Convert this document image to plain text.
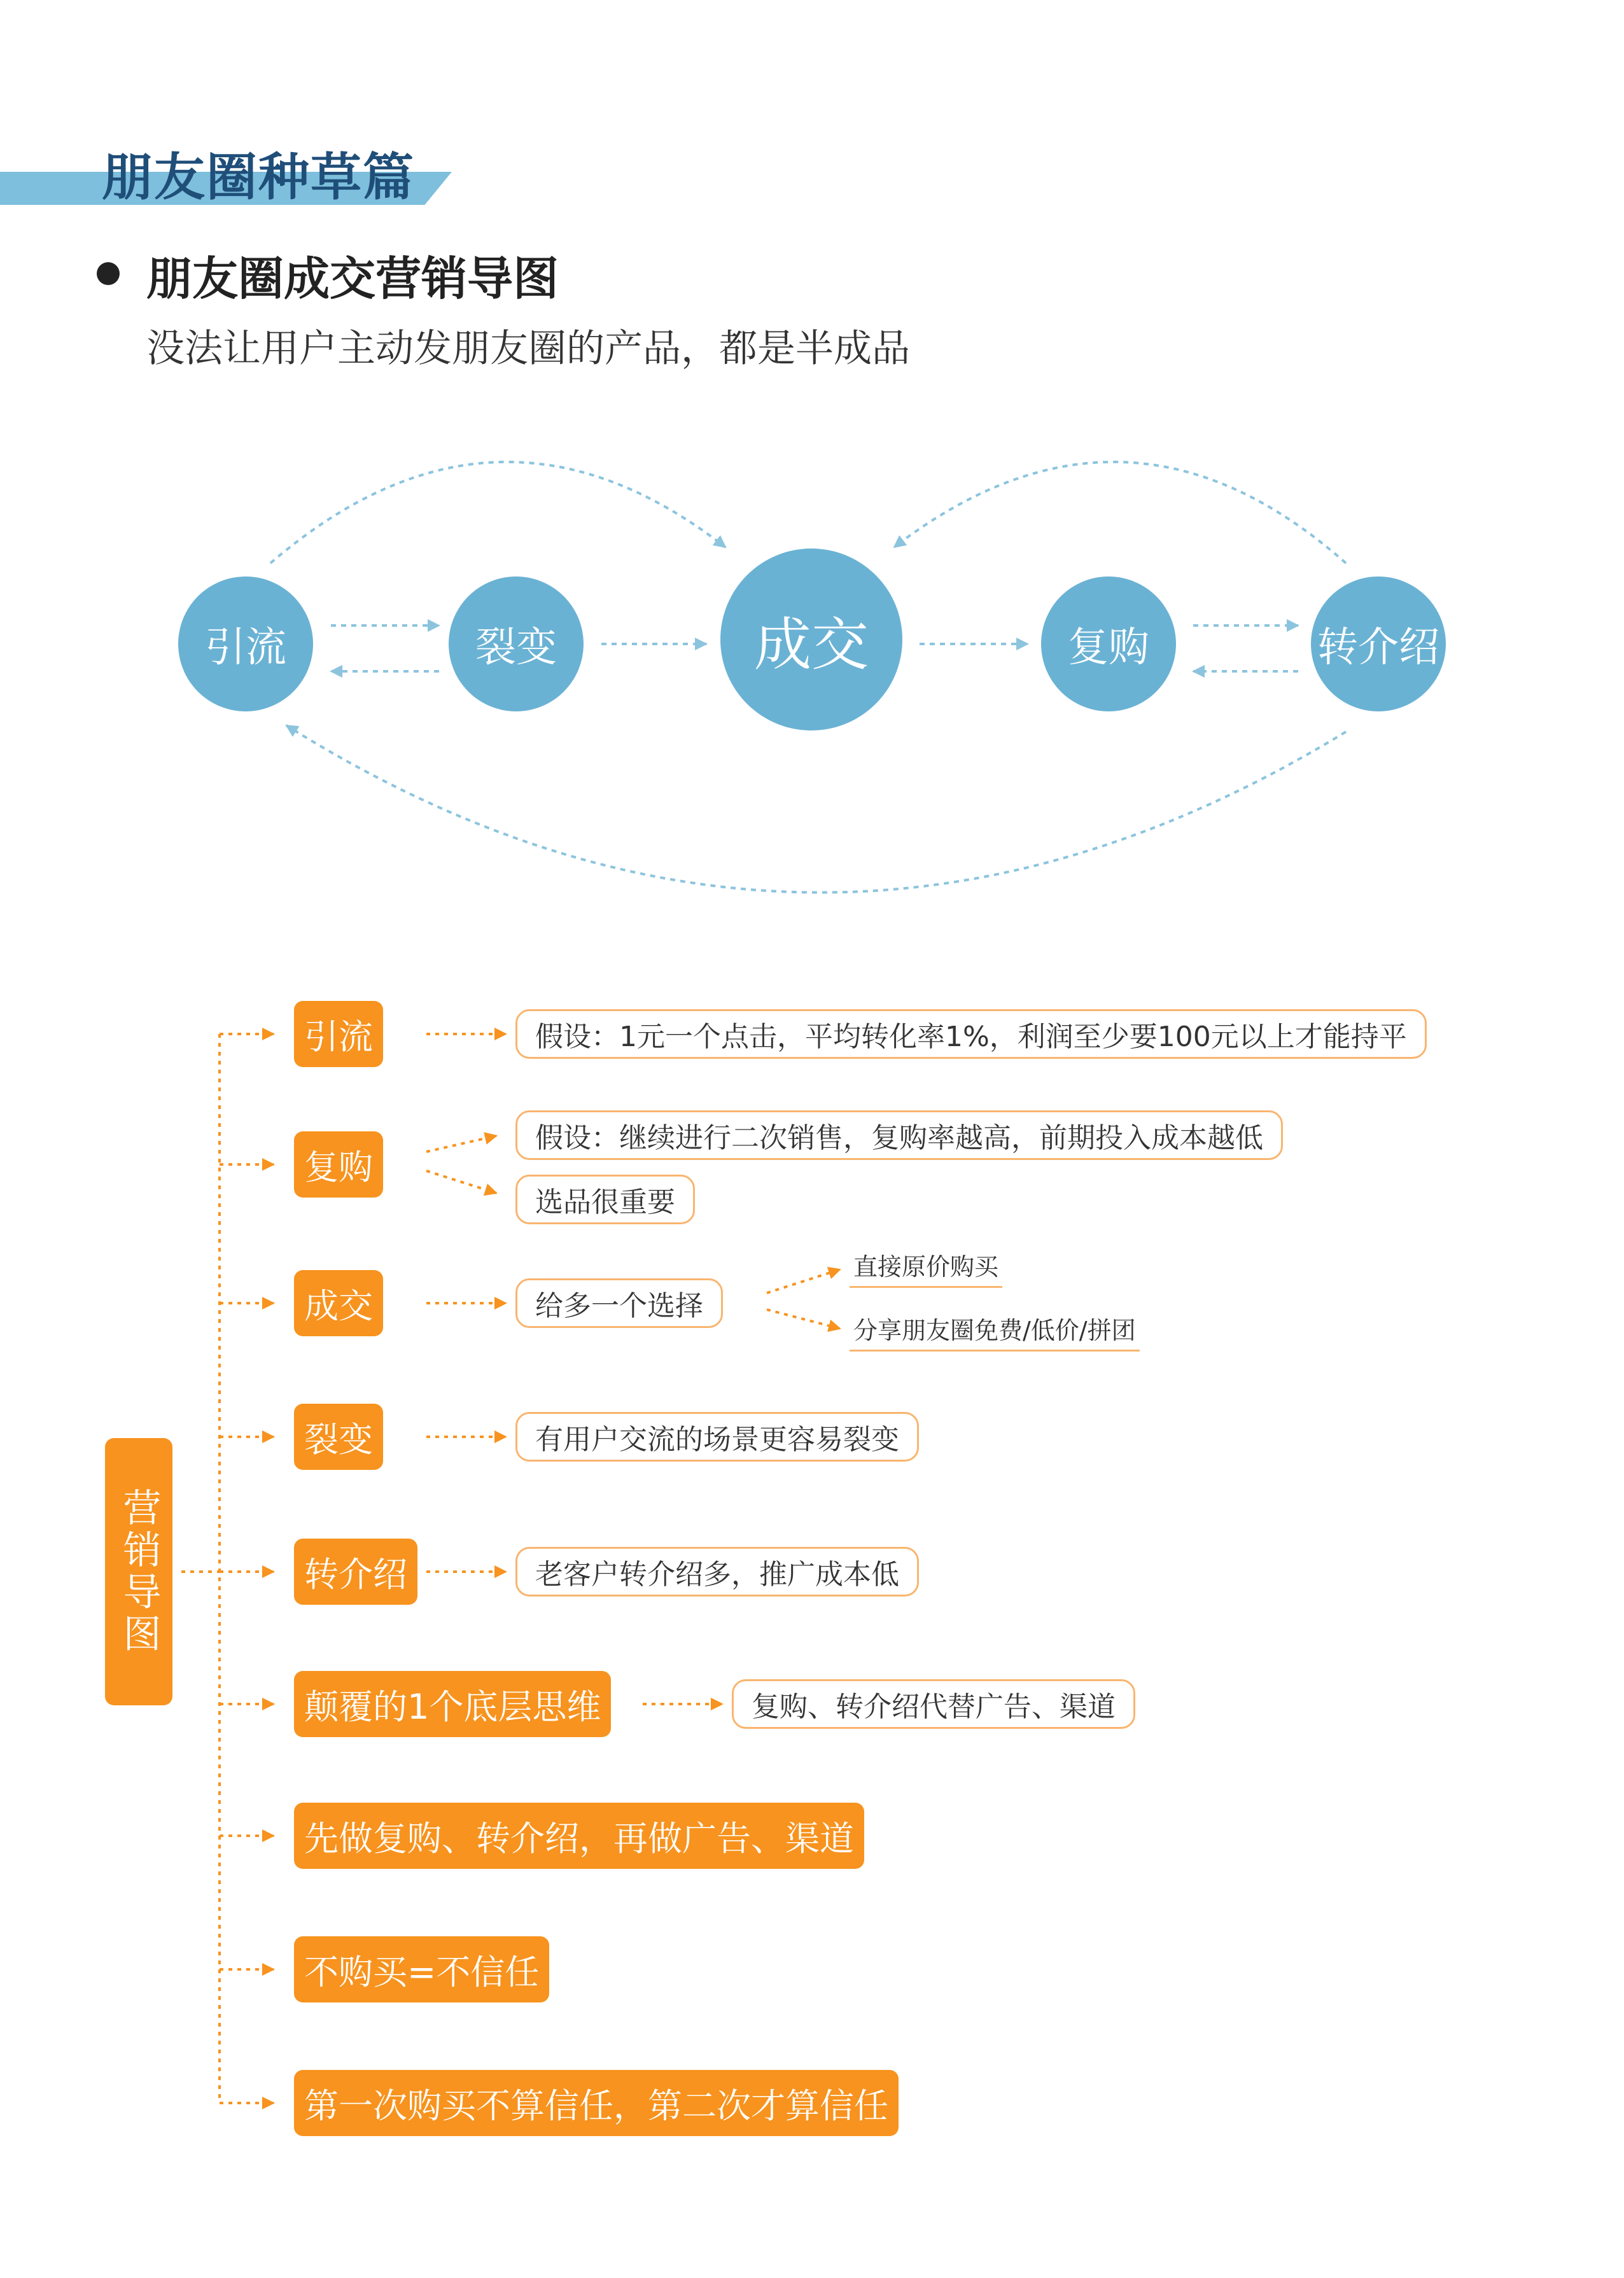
朋友圈种草篇
朋友圈成交营销导图
没法让用户主动发朋友圈的产品，都是半成品
引流	裂变	成交	复购	转介绍
营销导图
引流	假设：1元一个点击，平均转化率1%，利润至少要100元以上才能持平
复购
假设：继续进行二次销售，复购率越高，前期投入成本越低
选品很重要
成交	给多一个选择
直接原价购买
分享朋友圈免费/低价/拼团
裂变	有用户交流的场景更容易裂变
转介绍	老客户转介绍多，推广成本低
颠覆的1个底层思维	复购、转介绍代替广告、渠道
先做复购、转介绍，再做广告、渠道
不购买=不信任
第一次购买不算信任，第二次才算信任
